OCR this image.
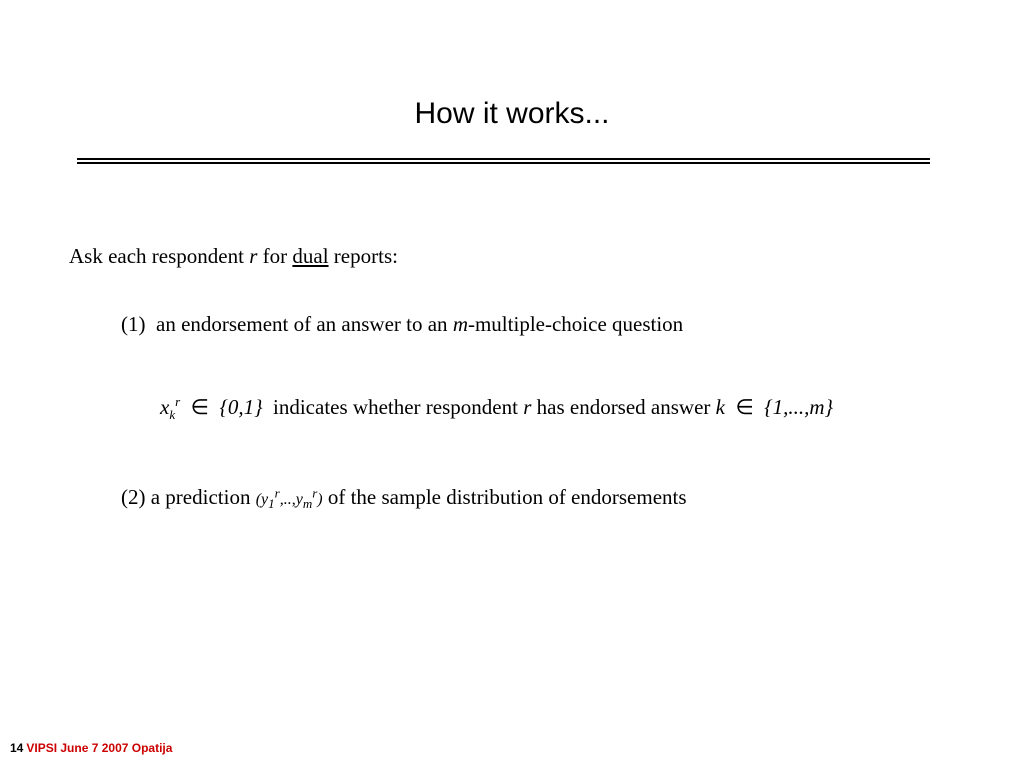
How it works...
Ask each respondent r for dual reports:
(1) an endorsement of an answer to an m-multiple-choice question
$x_k^r$ ∈ {0,1} indicates whether respondent r has endorsed answer k ∈ {1,...,m}
(2) a prediction $(y_1^r,..,y_m^r)$ of the sample distribution of endorsements
14 VIPSI June 7 2007 Opatija
